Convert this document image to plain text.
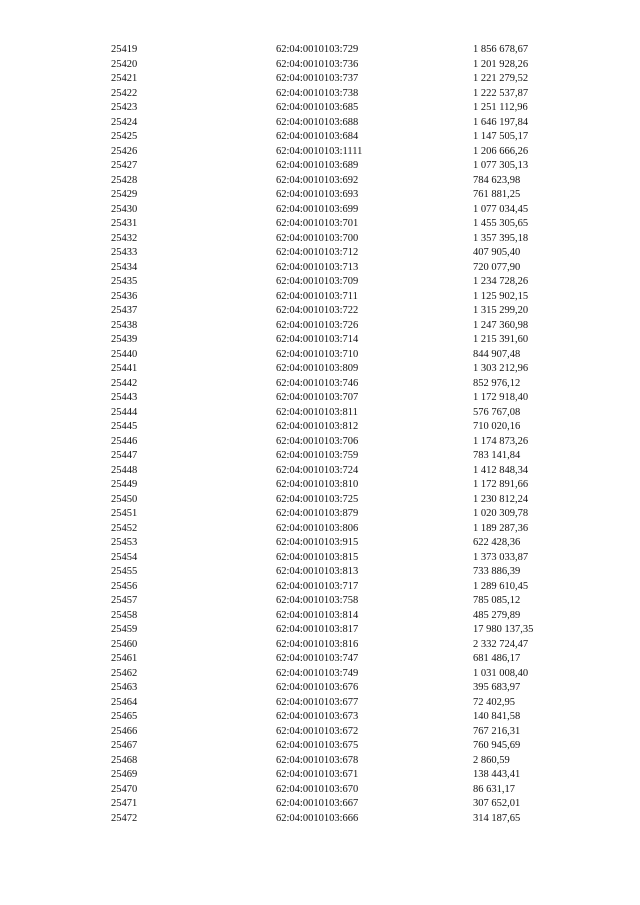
25419	62:04:0010103:729	1 856 678,67
25420	62:04:0010103:736	1 201 928,26
25421	62:04:0010103:737	1 221 279,52
25422	62:04:0010103:738	1 222 537,87
25423	62:04:0010103:685	1 251 112,96
25424	62:04:0010103:688	1 646 197,84
25425	62:04:0010103:684	1 147 505,17
25426	62:04:0010103:1111	1 206 666,26
25427	62:04:0010103:689	1 077 305,13
25428	62:04:0010103:692	784 623,98
25429	62:04:0010103:693	761 881,25
25430	62:04:0010103:699	1 077 034,45
25431	62:04:0010103:701	1 455 305,65
25432	62:04:0010103:700	1 357 395,18
25433	62:04:0010103:712	407 905,40
25434	62:04:0010103:713	720 077,90
25435	62:04:0010103:709	1 234 728,26
25436	62:04:0010103:711	1 125 902,15
25437	62:04:0010103:722	1 315 299,20
25438	62:04:0010103:726	1 247 360,98
25439	62:04:0010103:714	1 215 391,60
25440	62:04:0010103:710	844 907,48
25441	62:04:0010103:809	1 303 212,96
25442	62:04:0010103:746	852 976,12
25443	62:04:0010103:707	1 172 918,40
25444	62:04:0010103:811	576 767,08
25445	62:04:0010103:812	710 020,16
25446	62:04:0010103:706	1 174 873,26
25447	62:04:0010103:759	783 141,84
25448	62:04:0010103:724	1 412 848,34
25449	62:04:0010103:810	1 172 891,66
25450	62:04:0010103:725	1 230 812,24
25451	62:04:0010103:879	1 020 309,78
25452	62:04:0010103:806	1 189 287,36
25453	62:04:0010103:915	622 428,36
25454	62:04:0010103:815	1 373 033,87
25455	62:04:0010103:813	733 886,39
25456	62:04:0010103:717	1 289 610,45
25457	62:04:0010103:758	785 085,12
25458	62:04:0010103:814	485 279,89
25459	62:04:0010103:817	17 980 137,35
25460	62:04:0010103:816	2 332 724,47
25461	62:04:0010103:747	681 486,17
25462	62:04:0010103:749	1 031 008,40
25463	62:04:0010103:676	395 683,97
25464	62:04:0010103:677	72 402,95
25465	62:04:0010103:673	140 841,58
25466	62:04:0010103:672	767 216,31
25467	62:04:0010103:675	760 945,69
25468	62:04:0010103:678	2 860,59
25469	62:04:0010103:671	138 443,41
25470	62:04:0010103:670	86 631,17
25471	62:04:0010103:667	307 652,01
25472	62:04:0010103:666	314 187,65
